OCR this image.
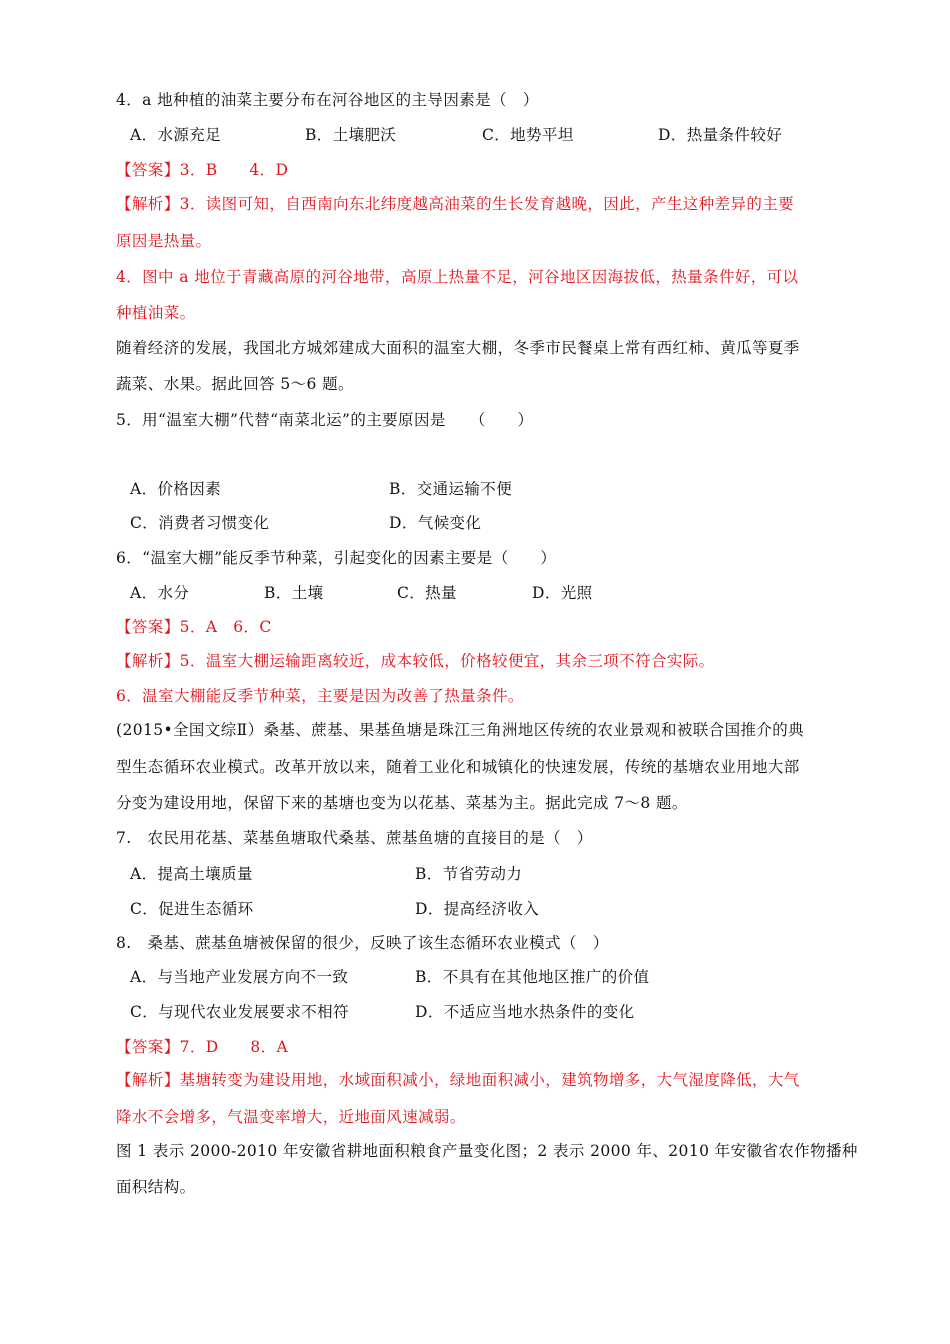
4．a 地种植的油菜主要分布在河谷地区的主导因素是（　）
A．水源充足	B．土壤肥沃	C．地势平坦	D．热量条件较好
【答案】3．B　　4．D
【解析】3．读图可知，自西南向东北纬度越高油菜的生长发育越晚，因此，产生这种差异的主要
原因是热量。
4．图中 a 地位于青藏高原的河谷地带，高原上热量不足，河谷地区因海拔低，热量条件好，可以
种植油菜。
随着经济的发展，我国北方城郊建成大面积的温室大棚，冬季市民餐桌上常有西红柿、黄瓜等夏季
蔬菜、水果。据此回答 5～6 题。
5．用“温室大棚”代替“南菜北运”的主要原因是　　（　　）
A．价格因素	B．交通运输不便
C．消费者习惯变化	D．气候变化
6．“温室大棚”能反季节种菜，引起变化的因素主要是（　　）
A．水分	B．土壤	C．热量	D．光照
【答案】5．A　6．C
【解析】5．温室大棚运输距离较近，成本较低，价格较便宜，其余三项不符合实际。
6．温室大棚能反季节种菜，主要是因为改善了热量条件。
(2015•全国文综Ⅱ）桑基、蔗基、果基鱼塘是珠江三角洲地区传统的农业景观和被联合国推介的典
型生态循环农业模式。改革开放以来，随着工业化和城镇化的快速发展，传统的基塘农业用地大部
分变为建设用地，保留下来的基塘也变为以花基、菜基为主。据此完成 7～8 题。
7.　农民用花基、菜基鱼塘取代桑基、蔗基鱼塘的直接目的是（　）
A．提高土壤质量	B．节省劳动力
C．促进生态循环	D．提高经济收入
8.　桑基、蔗基鱼塘被保留的很少，反映了该生态循环农业模式（　）
A．与当地产业发展方向不一致	B．不具有在其他地区推广的价值
C．与现代农业发展要求不相符	D．不适应当地水热条件的变化
【答案】7．D　　8．A
【解析】基塘转变为建设用地，水域面积减小，绿地面积减小，建筑物增多，大气湿度降低，大气
降水不会增多，气温变率增大，近地面风速减弱。
图 1 表示 2000-2010 年安徽省耕地面积粮食产量变化图；2 表示 2000 年、2010 年安徽省农作物播种
面积结构。
